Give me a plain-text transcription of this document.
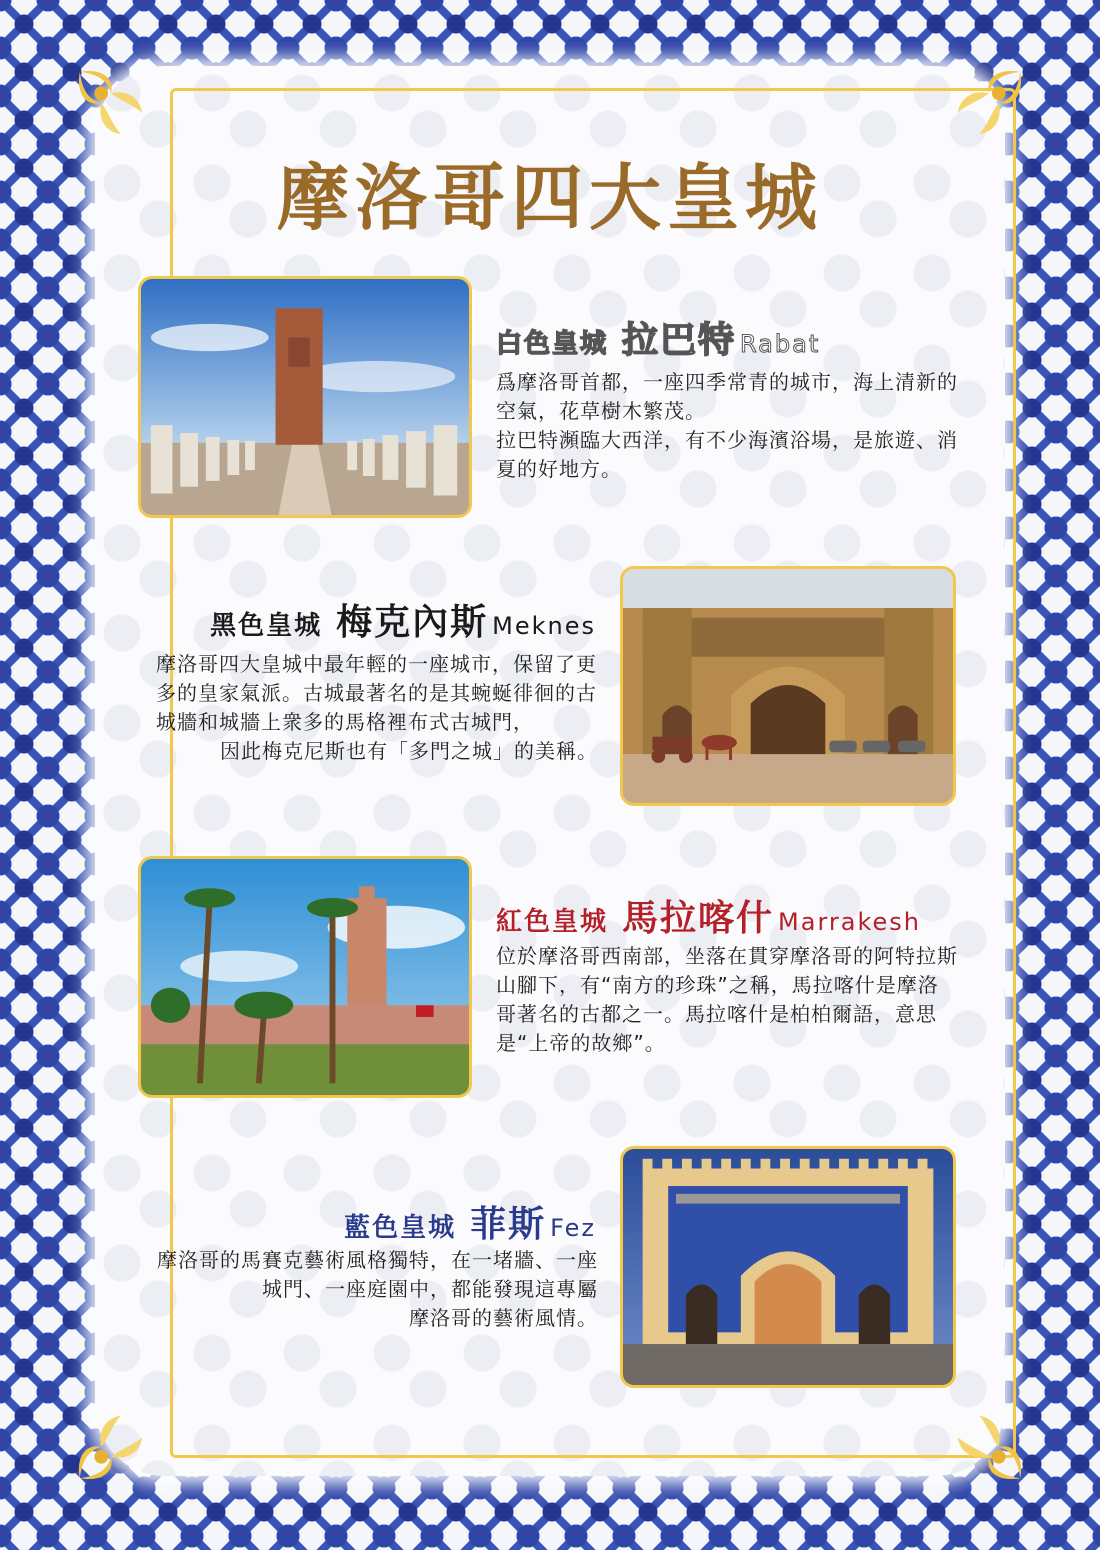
摩洛哥四大皇城
白色皇城 拉巴特 Rabat

爲摩洛哥首都，一座四季常青的城市，海上清新的空氣，花草樹木繁茂。

拉巴特瀕臨大西洋，有不少海濱浴場，是旅遊、消夏的好地方。

黑色皇城 梅克內斯 Meknes

摩洛哥四大皇城中最年輕的一座城市，保留了更多的皇家氣派。古城最著名的是其蜿蜒徘徊的古城牆和城牆上衆多的馬格裡布式古城門，

因此梅克尼斯也有「多門之城」的美稱。

紅色皇城 馬拉喀什 Marrakesh

位於摩洛哥西南部，坐落在貫穿摩洛哥的阿特拉斯山腳下，有“南方的珍珠”之稱，馬拉喀什是摩洛哥著名的古都之一。馬拉喀什是柏柏爾語，意思是“上帝的故鄉”。

藍色皇城 菲斯 Fez

摩洛哥的馬賽克藝術風格獨特，在一堵牆、一座城門、一座庭園中，都能發現這專屬

摩洛哥的藝術風情。
